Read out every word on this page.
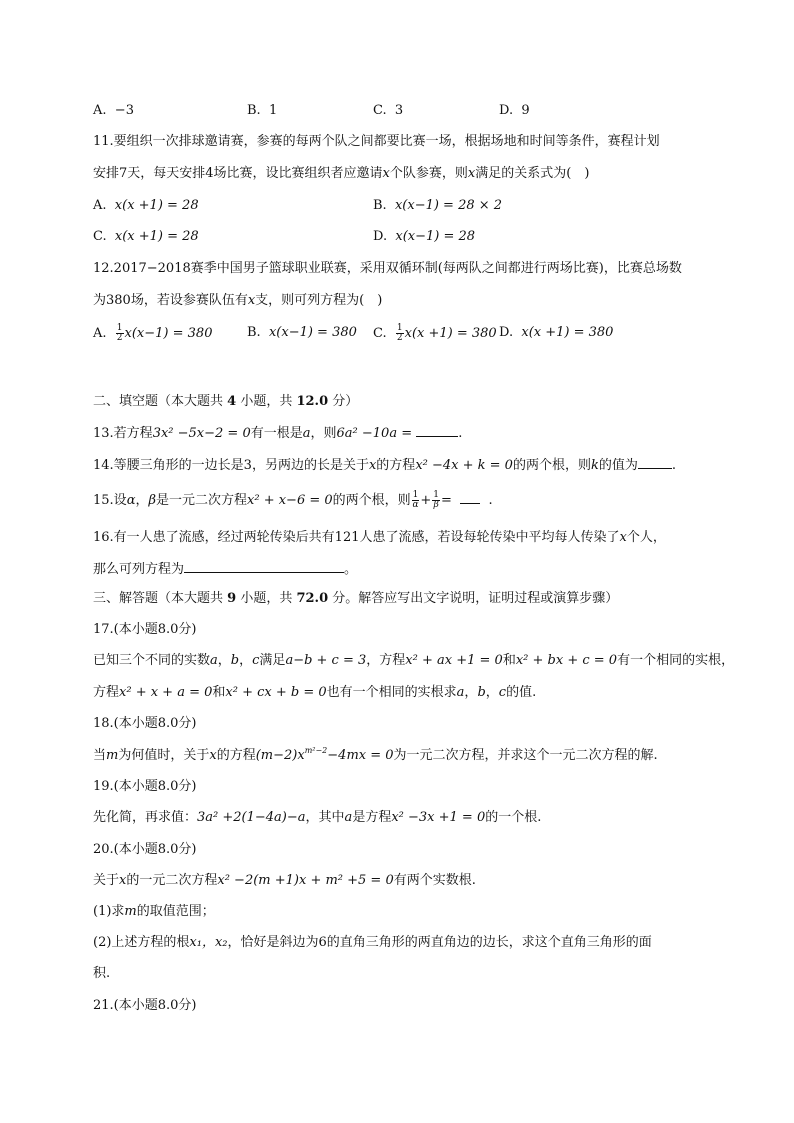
A. −3	B. 1	C. 3	D. 9
11.要组织一次排球邀请赛，参赛的每两个队之间都要比赛一场，根据场地和时间等条件，赛程计划
安排7天，每天安排4场比赛，设比赛组织者应邀请x个队参赛，则x满足的关系式为(　)
A. x(x +1) = 28	B. x(x−1) = 28 × 2
C. x(x +1) = 28	D. x(x−1) = 28
12.2017−2018赛季中国男子篮球职业联赛，采用双循环制(每两队之间都进行两场比赛)，比赛总场数
为380场，若设参赛队伍有x支，则可列方程为(　)
A. $\frac{1}{2} x(x-1) = 380$	B. x(x−1) = 380 C. $\frac{1}{2} x(x +1) = 380$ D. x(x +1) = 380
二、填空题（本大题共 4 小题，共 12.0 分）
13.若方程3x² −5x−2 = 0有一根是a，则6a² −10a =	.
14.等腰三角形的一边长是3，另两边的长是关于x的方程x² −4x + k = 0的两个根，则k的值为	.
15.设α，β是一元二次方程x² + x−6 = 0的两个根，则 $\frac{1}{\alpha}+ \frac{1}{\beta}=$	.
16.有一人患了流感，经过两轮传染后共有121人患了流感，若设每轮传染中平均每人传染了x个人，
那么可列方程为	。
三、解答题（本大题共 9 小题，共 72.0 分。解答应写出文字说明，证明过程或演算步骤）
17.(本小题8.0分)
已知三个不同的实数a，b，c满足a−b + c = 3，方程x² + ax +1 = 0和x² + bx + c = 0有一个相同的实根，
方程x² + x + a = 0和x² + cx + b = 0也有一个相同的实根求a，b，c的值.
18.(本小题8.0分)
当m为何值时，关于x的方程$(m-2)x^{m^2-2}-4mx = 0$为一元二次方程，并求这个一元二次方程的解.
19.(本小题8.0分)
先化简，再求值：3a² +2(1−4a)−a，其中a是方程x² −3x +1 = 0的一个根.
20.(本小题8.0分)
关于x的一元二次方程x² −2(m +1)x + m² +5 = 0有两个实数根.
(1)求m的取值范围；
(2)上述方程的根x₁，x₂，恰好是斜边为6的直角三角形的两直角边的边长，求这个直角三角形的面
积.
21.(本小题8.0分)
